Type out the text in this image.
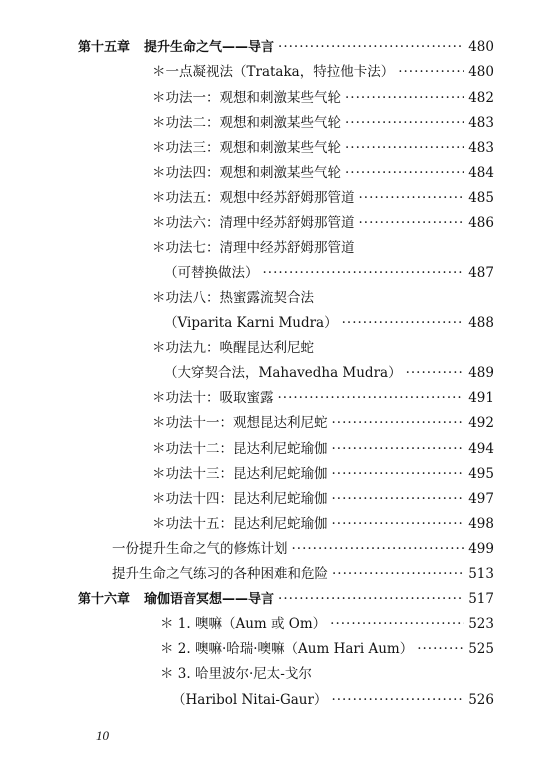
第十五章 提升生命之气——导言 ·····	480
＊一点凝视法（Trataka，特拉他卡法） ·····	480
＊功法一：观想和刺激某些气轮 ·····	482
＊功法二：观想和刺激某些气轮 ·····	483
＊功法三：观想和刺激某些气轮 ·····	483
＊功法四：观想和刺激某些气轮 ·····	484
＊功法五：观想中经苏舒姆那管道 ·····	485
＊功法六：清理中经苏舒姆那管道 ·····	486
＊功法七：清理中经苏舒姆那管道
（可替换做法） ·····	487
＊功法八：热蜜露流契合法
（Viparita Karni Mudra） ·····	488
＊功法九：唤醒昆达利尼蛇
（大穿契合法，Mahavedha Mudra） ·····	489
＊功法十：吸取蜜露 ·····	491
＊功法十一：观想昆达利尼蛇 ·····	492
＊功法十二：昆达利尼蛇瑜伽 ·····	494
＊功法十三：昆达利尼蛇瑜伽 ·····	495
＊功法十四：昆达利尼蛇瑜伽 ·····	497
＊功法十五：昆达利尼蛇瑜伽 ·····	498
一份提升生命之气的修炼计划 ·····	499
提升生命之气练习的各种困难和危险 ·····	513
第十六章 瑜伽语音冥想——导言 ·····	517
＊ 1. 噢嘛（Aum 或 Om） ·····	523
＊ 2. 噢嘛·哈瑞·噢嘛（Aum Hari Aum） ·····	525
＊ 3. 哈里波尔·尼太-戈尔
（Haribol Nitai-Gaur） ·····	526
10
